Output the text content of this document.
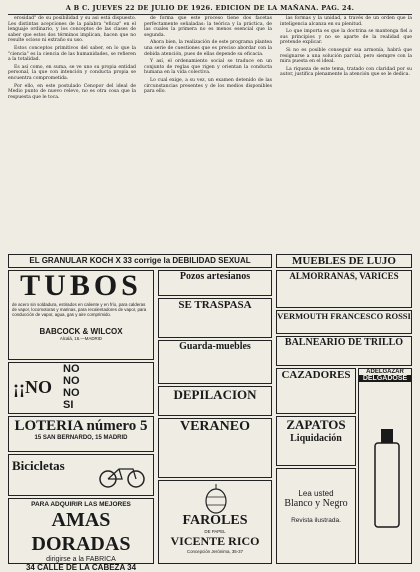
A B C. JUEVES 22 DE JULIO DE 1926. EDICION DE LA MAÑANA. PAG. 24.

erosidad" de su posibilidad y su asi está dispuesto. Les distintas acepciones de la palabra "eficaz" en el lenguaje ordinario, y los conceptos de las clases de saber que estos dos términos implican, hacen que no resulte ocioso ni extraño su uso.

Estos conceptos primitivos del saber, en lo que la "ciencia" es la ciencia de las humanidades, se refieren a la totalidad.

Es así como, en suma, se ve uno su propia entidad personal, la que con intención y conducta propia se encuentra comprometida.

Por ello, en este postulado Cenopor del ideal de Medio punto de nuevo relevo, no es otra cosa que la respuesta que le toca.

de forma que este proceso tiene dos facetas perfectamente señaladas: la teórica y la práctica, de las cuales la primera no es menos esencial que la segunda.

Ahora bien, la realización de este programa plantea una serie de cuestiones que es preciso abordar con la debida atención, pues de ellas depende su eficacia.

Y así, el ordenamiento social se traduce en un conjunto de reglas que rigen y orientan la conducta humana en la vida colectiva.

Lo cual exige, a su vez, un examen detenido de las circunstancias presentes y de los medios disponibles para ello.

las formas y la unidad, a través de un orden que la inteligencia alcanza en su plenitud.

Lo que importa es que la doctrina se mantenga fiel a sus principios y no se aparte de la realidad que pretende explicar.

Si no es posible conseguir esa armonía, habrá que resignarse a una solución parcial, pero siempre con la mira puesta en el ideal.

La riqueza de este tema, tratado con claridad por su autor, justifica plenamente la atención que se le dedica.

EL GRANULAR KOCH X 33 corrige la DEBILIDAD SEXUAL	MUEBLES DE LUJO
TUBOS
de acero sin soldadura, estirados en caliente y en frío, para calderas de vapor, locomotoras y marinas, para recalentadores de vapor, para conducción de vapor, agua, gas y aire comprimido.
BABCOCK & WILCOX
Alcalá, 16.—MADRID
¡¡NO
NO
NO
NO
SI
LOTERIA número 5
15 SAN BERNARDO, 15 MADRID
Bicicletas
PARA ADQUIRIR LAS MEJORES
AMAS DORADAS
dirigirse a la FABRICA
34 CALLE DE LA CABEZA 34
Pozos artesianos
SE TRASPASA
Guarda-muebles
DEPILACION
VERANEO
FAROLES
DE PAPEL
VICENTE RICO
Concepción Jerónima, 35-37
ALMORRANAS, VARICES
VERMOUTH FRANCESCO ROSSI
BALNEARIO DE TRILLO
CAZADORES
ZAPATOS
Liquidación
ADELGAZAR
DELGADOSE
Lea usted
Blanco y Negro
Revista ilustrada.
